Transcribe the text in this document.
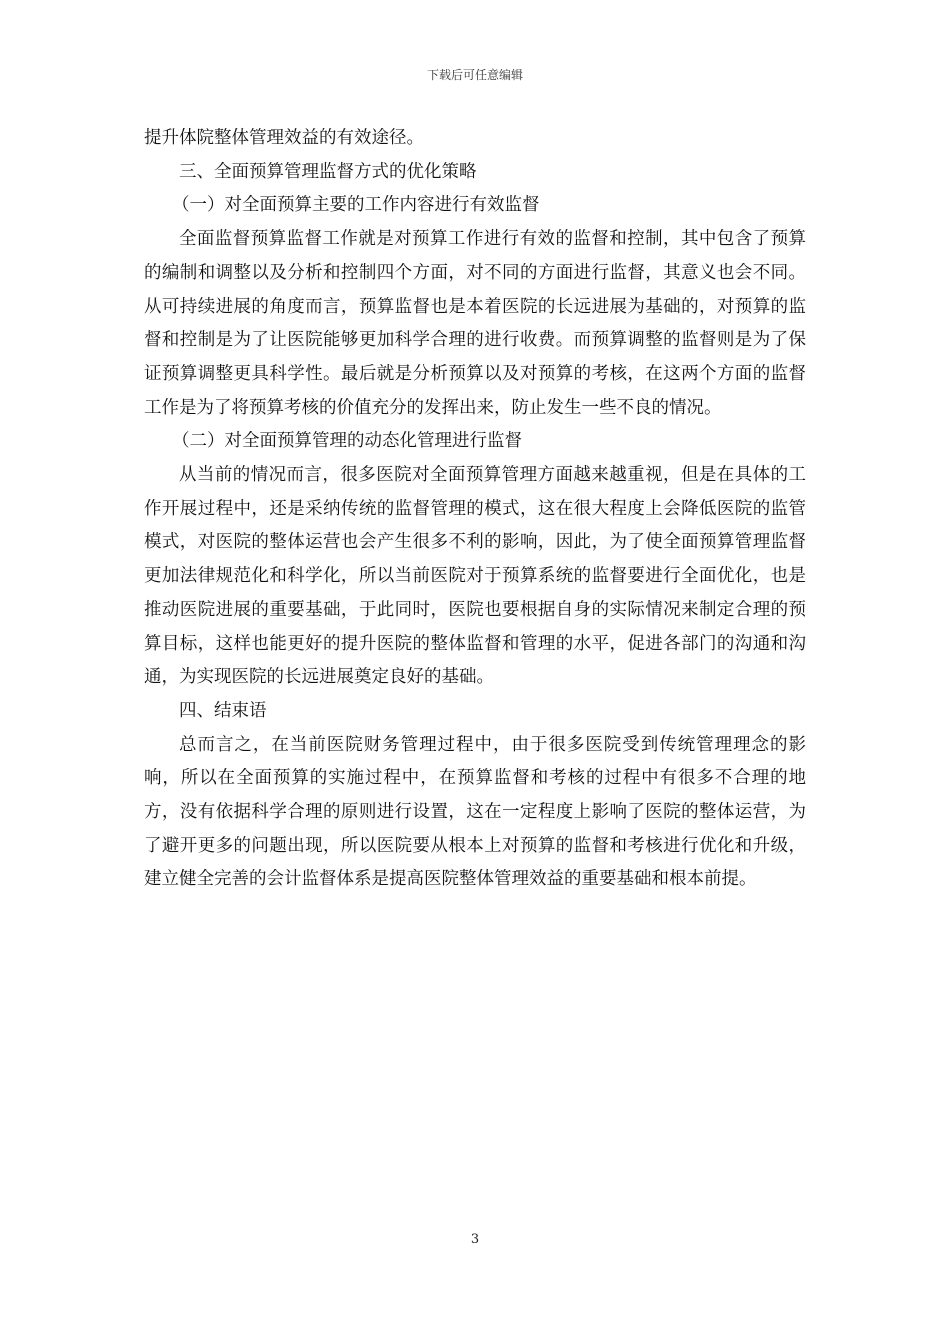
下载后可任意编辑

提升体院整体管理效益的有效途径。

三、全面预算管理监督方式的优化策略

（一）对全面预算主要的工作内容进行有效监督

全面监督预算监督工作就是对预算工作进行有效的监督和控制，其中包含了预算的编制和调整以及分析和控制四个方面，对不同的方面进行监督，其意义也会不同。从可持续进展的角度而言，预算监督也是本着医院的长远进展为基础的，对预算的监督和控制是为了让医院能够更加科学合理的进行收费。而预算调整的监督则是为了保证预算调整更具科学性。最后就是分析预算以及对预算的考核，在这两个方面的监督工作是为了将预算考核的价值充分的发挥出来，防止发生一些不良的情况。

（二）对全面预算管理的动态化管理进行监督

从当前的情况而言，很多医院对全面预算管理方面越来越重视，但是在具体的工作开展过程中，还是采纳传统的监督管理的模式，这在很大程度上会降低医院的监管模式，对医院的整体运营也会产生很多不利的影响，因此，为了使全面预算管理监督更加法律规范化和科学化，所以当前医院对于预算系统的监督要进行全面优化，也是推动医院进展的重要基础，于此同时，医院也要根据自身的实际情况来制定合理的预算目标，这样也能更好的提升医院的整体监督和管理的水平，促进各部门的沟通和沟通，为实现医院的长远进展奠定良好的基础。

四、结束语

总而言之，在当前医院财务管理过程中，由于很多医院受到传统管理理念的影响，所以在全面预算的实施过程中，在预算监督和考核的过程中有很多不合理的地方，没有依据科学合理的原则进行设置，这在一定程度上影响了医院的整体运营，为了避开更多的问题出现，所以医院要从根本上对预算的监督和考核进行优化和升级，建立健全完善的会计监督体系是提高医院整体管理效益的重要基础和根本前提。

3
